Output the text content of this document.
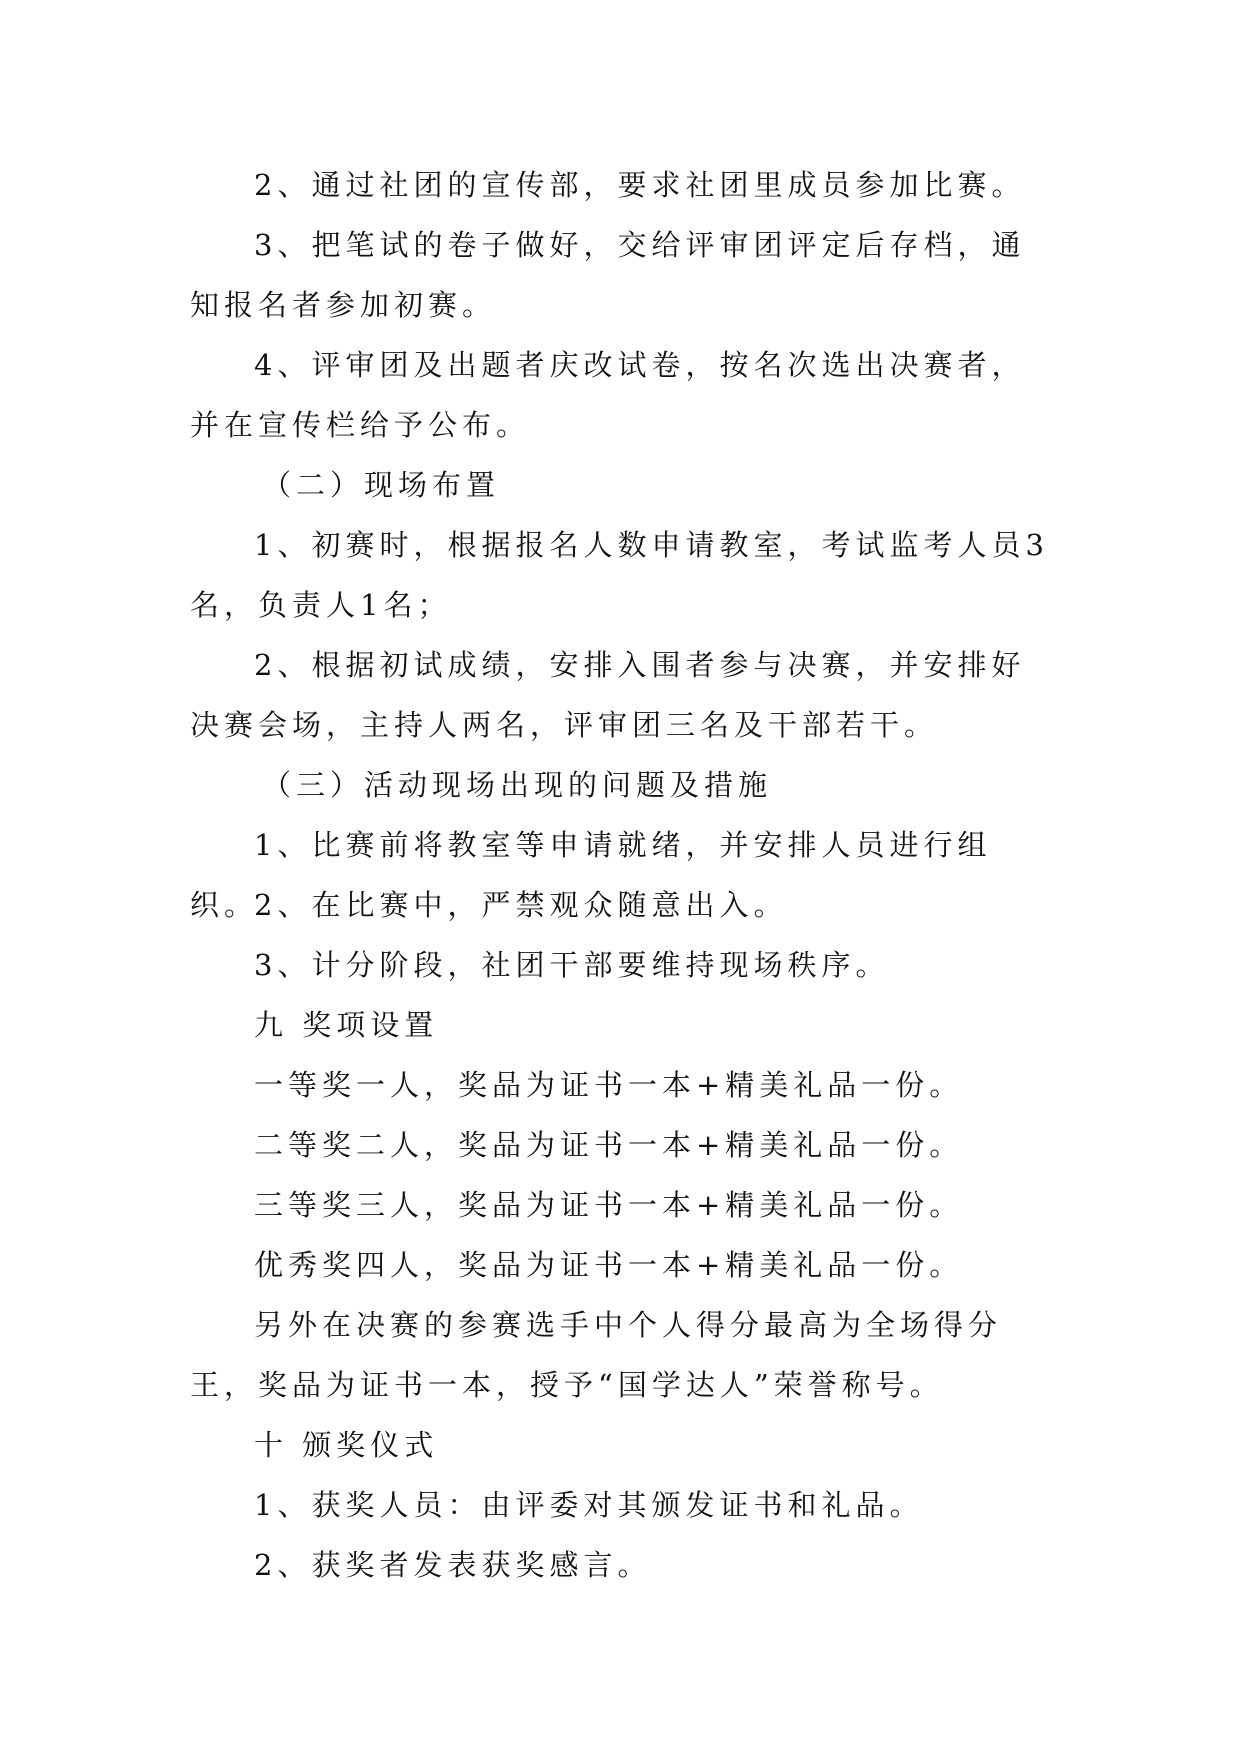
2、通过社团的宣传部，要求社团里成员参加比赛。

3、把笔试的卷子做好，交给评审团评定后存档，通知报名者参加初赛。

4、评审团及出题者庆改试卷，按名次选出决赛者，并在宣传栏给予公布。

（二）现场布置

1、初赛时，根据报名人数申请教室，考试监考人员3名，负责人1名；

2、根据初试成绩，安排入围者参与决赛，并安排好决赛会场，主持人两名，评审团三名及干部若干。

（三）活动现场出现的问题及措施

1、比赛前将教室等申请就绪，并安排人员进行组织。

2、在比赛中，严禁观众随意出入。

3、计分阶段，社团干部要维持现场秩序。

九 奖项设置

一等奖一人，奖品为证书一本+精美礼品一份。

二等奖二人，奖品为证书一本+精美礼品一份。

三等奖三人，奖品为证书一本+精美礼品一份。

优秀奖四人，奖品为证书一本+精美礼品一份。

另外在决赛的参赛选手中个人得分最高为全场得分王，奖品为证书一本，授予“国学达人”荣誉称号。

十 颁奖仪式

1、获奖人员：由评委对其颁发证书和礼品。

2、获奖者发表获奖感言。
